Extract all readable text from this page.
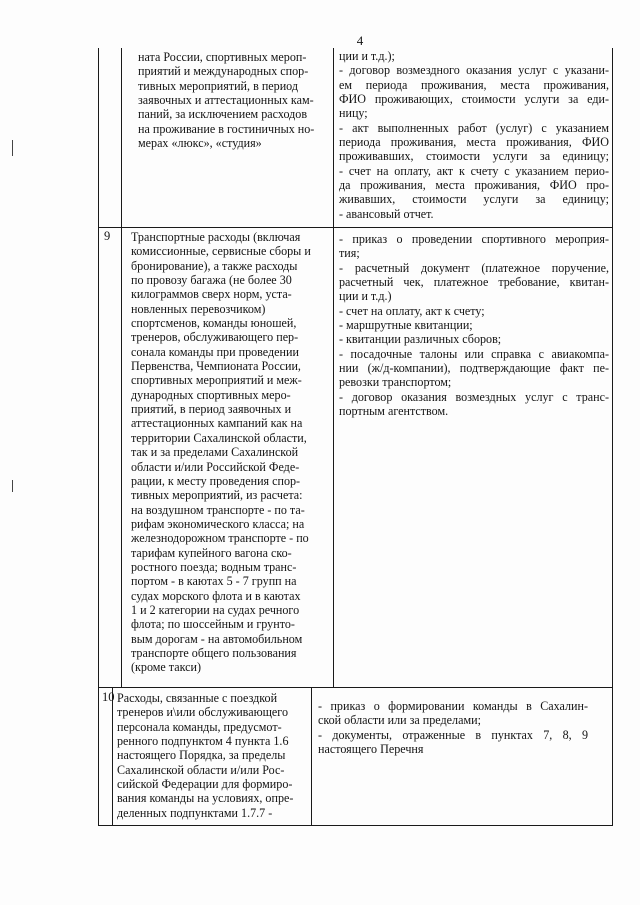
4
ната России, спортивных мероп-
приятий и международных спор-
тивных мероприятий, в период
заявочных и аттестационных кам-
паний, за исключением расходов
на проживание в гостиничных но-
мерах «люкс», «студия»
ции и т.д.);
- договор возмездного оказания услуг с указани-
ем периода проживания, места проживания,
ФИО проживающих, стоимости услуги за еди-
ницу;
- акт выполненных работ (услуг) с указанием
периода проживания, места проживания, ФИО
проживавших, стоимости услуги за единицу;
- счет на оплату, акт к счету с указанием перио-
да проживания, места проживания, ФИО про-
живавших, стоимости услуги за единицу;
- авансовый отчет.
9 Транспортные расходы (включая
комиссионные, сервисные сборы и
бронирование), а также расходы
по провозу багажа (не более 30
килограммов сверх норм, уста-
новленных перевозчиком)
спортсменов, команды юношей,
тренеров, обслуживающего пер-
сонала команды при проведении
Первенства, Чемпионата России,
спортивных мероприятий и меж-
дународных спортивных меро-
приятий, в период заявочных и
аттестационных кампаний как на
территории Сахалинской области,
так и за пределами Сахалинской
области и/или Российской Феде-
рации, к месту проведения спор-
тивных мероприятий, из расчета:
на воздушном транспорте - по та-
рифам экономического класса; на
железнодорожном транспорте - по
тарифам купейного вагона ско-
ростного поезда; водным транс-
портом - в каютах 5 - 7 групп на
судах морского флота и в каютах
1 и 2 категории на судах речного
флота; по шоссейным и грунто-
вым дорогам - на автомобильном
транспорте общего пользования
(кроме такси)
- приказ о проведении спортивного мероприя-
тия;
- расчетный документ (платежное поручение,
расчетный чек, платежное требование, квитан-
ции и т.д.)
- счет на оплату, акт к счету;
- маршрутные квитанции;
- квитанции различных сборов;
- посадочные талоны или справка с авиакомпа-
нии (ж/д-компании), подтверждающие факт пе-
ревозки транспортом;
- договор оказания возмездных услуг с транс-
портным агентством.
10 Расходы, связанные с поездкой
тренеров и\или обслуживающего
персонала команды, предусмот-
ренного подпунктом 4 пункта 1.6
настоящего Порядка, за пределы
Сахалинской области и/или Рос-
сийской Федерации для формиро-
вания команды на условиях, опре-
деленных подпунктами 1.7.7 -
- приказ о формировании команды в Сахалин-
ской области или за пределами;
- документы, отраженные в пунктах 7, 8, 9
настоящего Перечня
